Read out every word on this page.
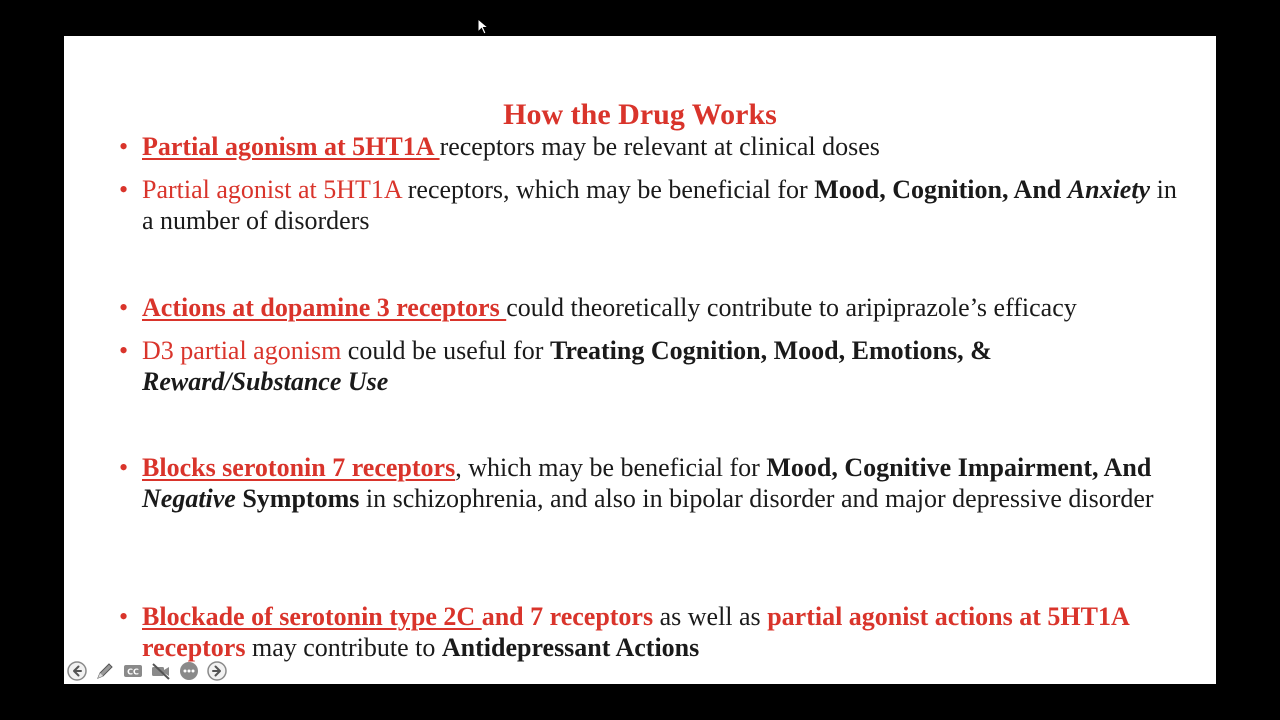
How the Drug Works
• Partial agonism at 5HT1A receptors may be relevant at clinical doses
• Partial agonist at 5HT1A receptors, which may be beneficial for Mood, Cognition, And Anxiety in a number of disorders
• Actions at dopamine 3 receptors could theoretically contribute to aripiprazole’s efficacy
• D3 partial agonism could be useful for Treating Cognition, Mood, Emotions, & Reward/Substance Use
• Blocks serotonin 7 receptors, which may be beneficial for Mood, Cognitive Impairment, And Negative Symptoms in schizophrenia, and also in bipolar disorder and major depressive disorder
• Blockade of serotonin type 2C and 7 receptors as well as partial agonist actions at 5HT1A receptors may contribute to Antidepressant Actions
CC
